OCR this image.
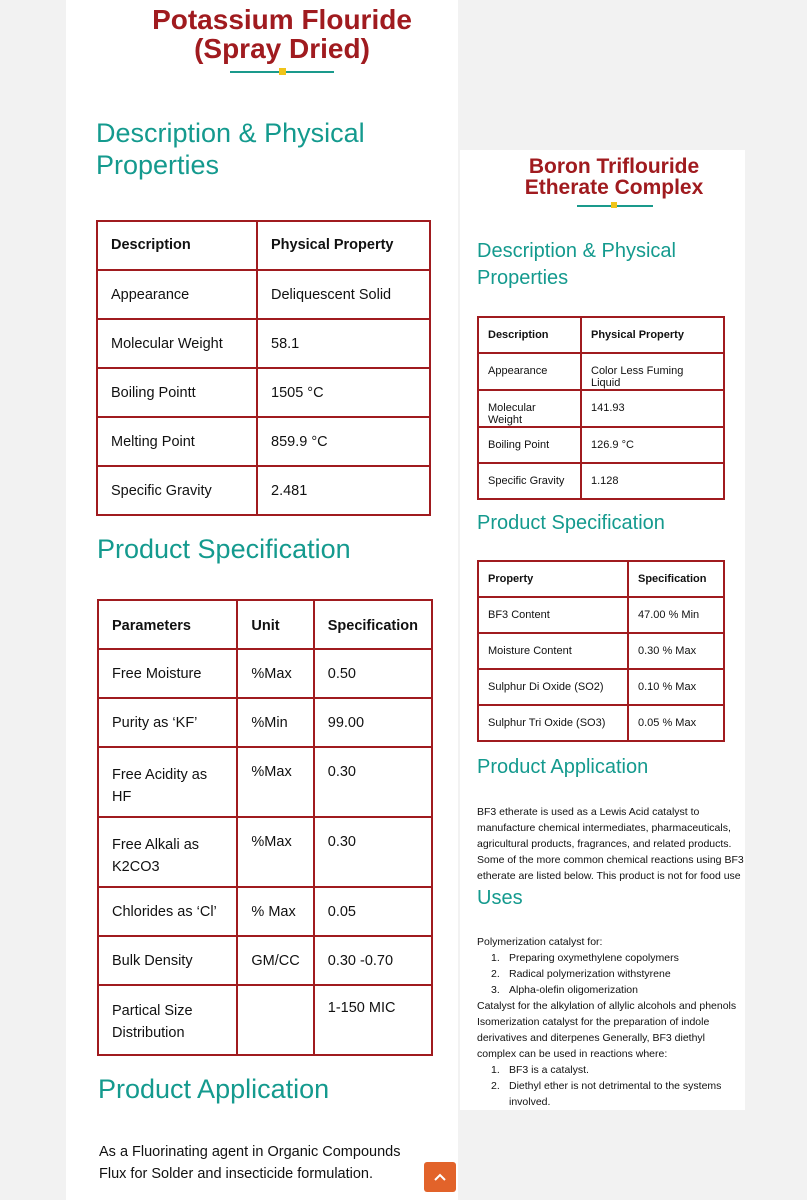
Potassium Flouride
(Spray Dried)
Description & Physical
Properties
Description	Physical Property
Appearance	Deliquescent Solid
Molecular Weight	58.1
Boiling Pointt	1505 °C
Melting Point	859.9 °C
Specific Gravity	2.481
Product Specification
Parameters	Unit	Specification
Free Moisture	%Max	0.50
Purity as ‘KF’	%Min	99.00
Free Acidity as HF	%Max	0.30
Free Alkali as K2CO3	%Max	0.30
Chlorides as ‘Cl’	% Max	0.05
Bulk Density	GM/CC	0.30 -0.70
Partical Size Distribution		1-150 MIC
Product Application
As a Fluorinating agent in Organic Compounds
Flux for Solder and insecticide formulation.
Boron Triflouride
Etherate Complex
Description & Physical
Properties
Description	Physical Property
Appearance	Color Less Fuming Liquid
Molecular Weight	141.93
Boiling Point	126.9 °C
Specific Gravity	1.128
Product Specification
Property	Specification
BF3 Content	47.00 % Min
Moisture Content	0.30 % Max
Sulphur Di Oxide (SO2)	0.10 % Max
Sulphur Tri Oxide (SO3)	0.05 % Max
Product Application
BF3 etherate is used as a Lewis Acid catalyst to
manufacture chemical intermediates, pharmaceuticals,
agricultural products, fragrances, and related products.
Some of the more common chemical reactions using BF3
etherate are listed below. This product is not for food use
Uses
Polymerization catalyst for:
1. Preparing oxymethylene copolymers
2. Radical polymerization withstyrene
3. Alpha-olefin oligomerization
Catalyst for the alkylation of allylic alcohols and phenols
Isomerization catalyst for the preparation of indole
derivatives and diterpenes Generally, BF3 diethyl
complex can be used in reactions where:
1. BF3 is a catalyst.
2. Diethyl ether is not detrimental to the systems
involved.
